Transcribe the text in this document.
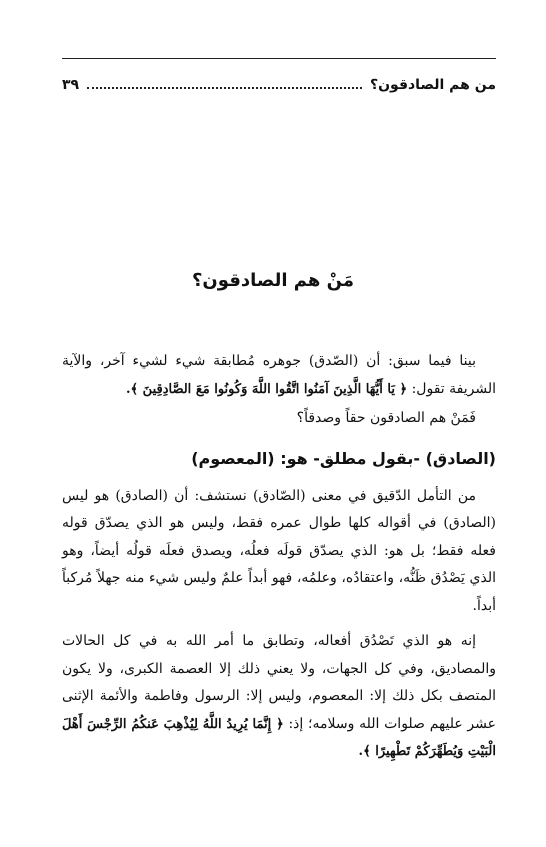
من هم الصادقون؟
٣٩
مَنْ هم الصادقون؟

بينا فيما سبق: أن (الصّدق) جوهره مُطابقة شيء لشيء آخر، والآية الشريفة تقول: ﴿ يَا أَيُّهَا الَّذِينَ آمَنُوا اتَّقُوا اللَّهَ وَكُونُوا مَعَ الصَّادِقِينَ ﴾.

فَمَنْ هم الصادقون حقاً وصدقاً؟

(الصادق) -بقول مطلق- هو: (المعصوم)

من التأمل الدّقيق في معنى (الصّادق) نستشف: أن (الصادق) هو ليس (الصادق) في أقواله كلها طوال عمره فقط، وليس هو الذي يصدّق قوله فعله فقط؛ بل هو: الذي يصدّق قولَه فعلُه، ويصدق فعلَه قولُه أيضاً، وهو الذي يَصْدُق ظَنُّه، واعتقادُه، وعلمُه، فهو أبداً علمٌ وليس شيء منه جهلاً مُركباً أبداً.

إنه هو الذي تَصْدُق أفعاله، وتطابق ما أمر الله به في كل الحالات والمصاديق، وفي كل الجهات، ولا يعني ذلك إلا العصمة الكبرى، ولا يكون المتصف بكل ذلك إلا: المعصوم، وليس إلا: الرسول وفاطمة والأئمة الإثنى عشر عليهم صلوات الله وسلامه؛ إذ: ﴿ إِنَّمَا يُرِيدُ اللَّهُ لِيُذْهِبَ عَنكُمُ الرِّجْسَ أَهْلَ الْبَيْتِ وَيُطَهِّرَكُمْ تَطْهِيرًا ﴾.
